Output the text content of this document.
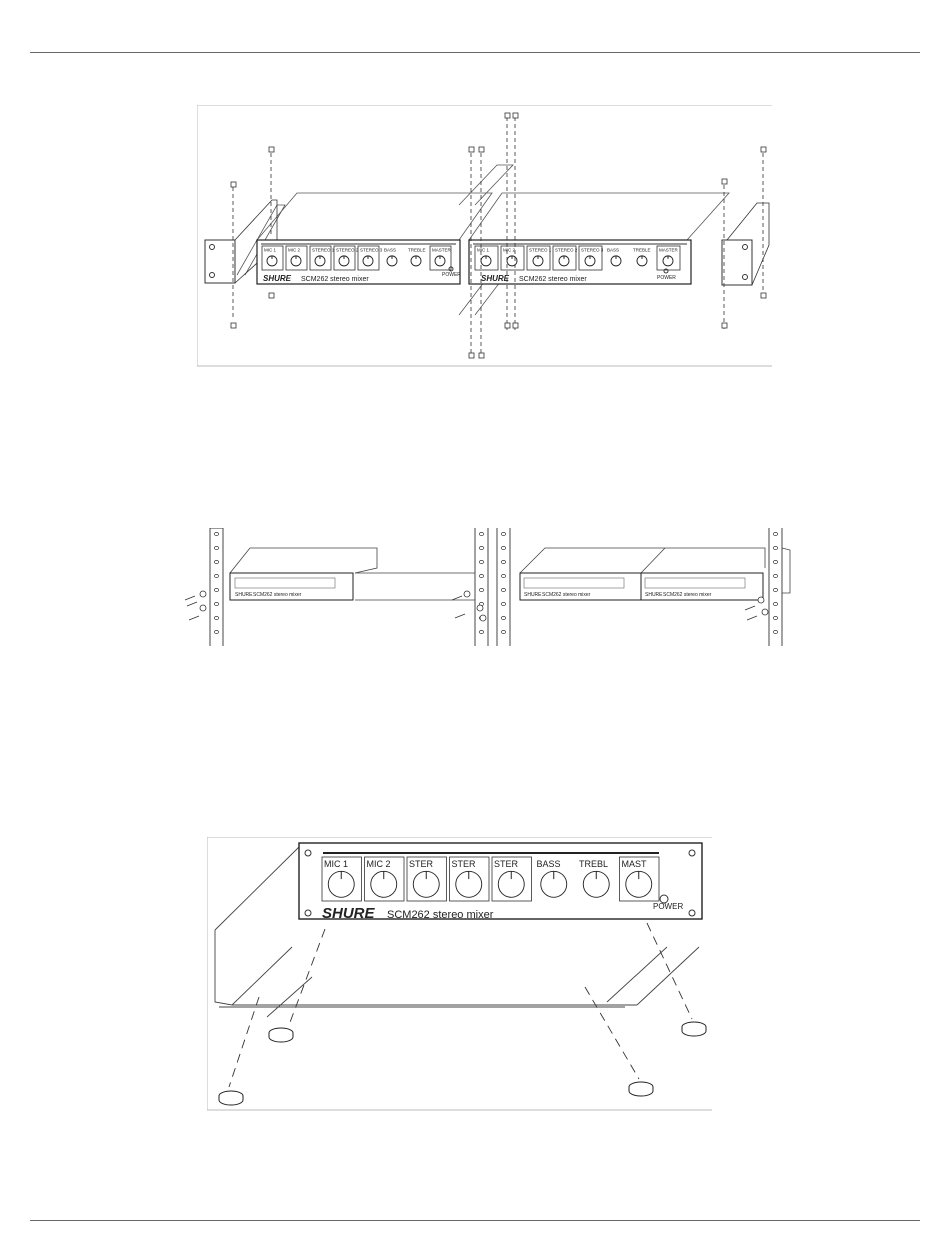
MIC 1	MIC 2	STEREO 1 STEREO 2 STEREO 3 BASS	TREBLE MASTER
SHURE SCM262 stereo mixer
POWER
MIC 1	MIC 2	STEREO 1 STEREO 2 STEREO 3 BASS	TREBLE MASTER
SHURE SCM262 stereo mixer	POWER
SHURE SCM262 stereo mixer	SHURE SCM262 stereo mixer	SHURE SCM262 stereo mixer
MIC 1 MIC 2 STER STER STER BASS TREBL MAST
SHURE SCM262 stereo mixer
POWER
